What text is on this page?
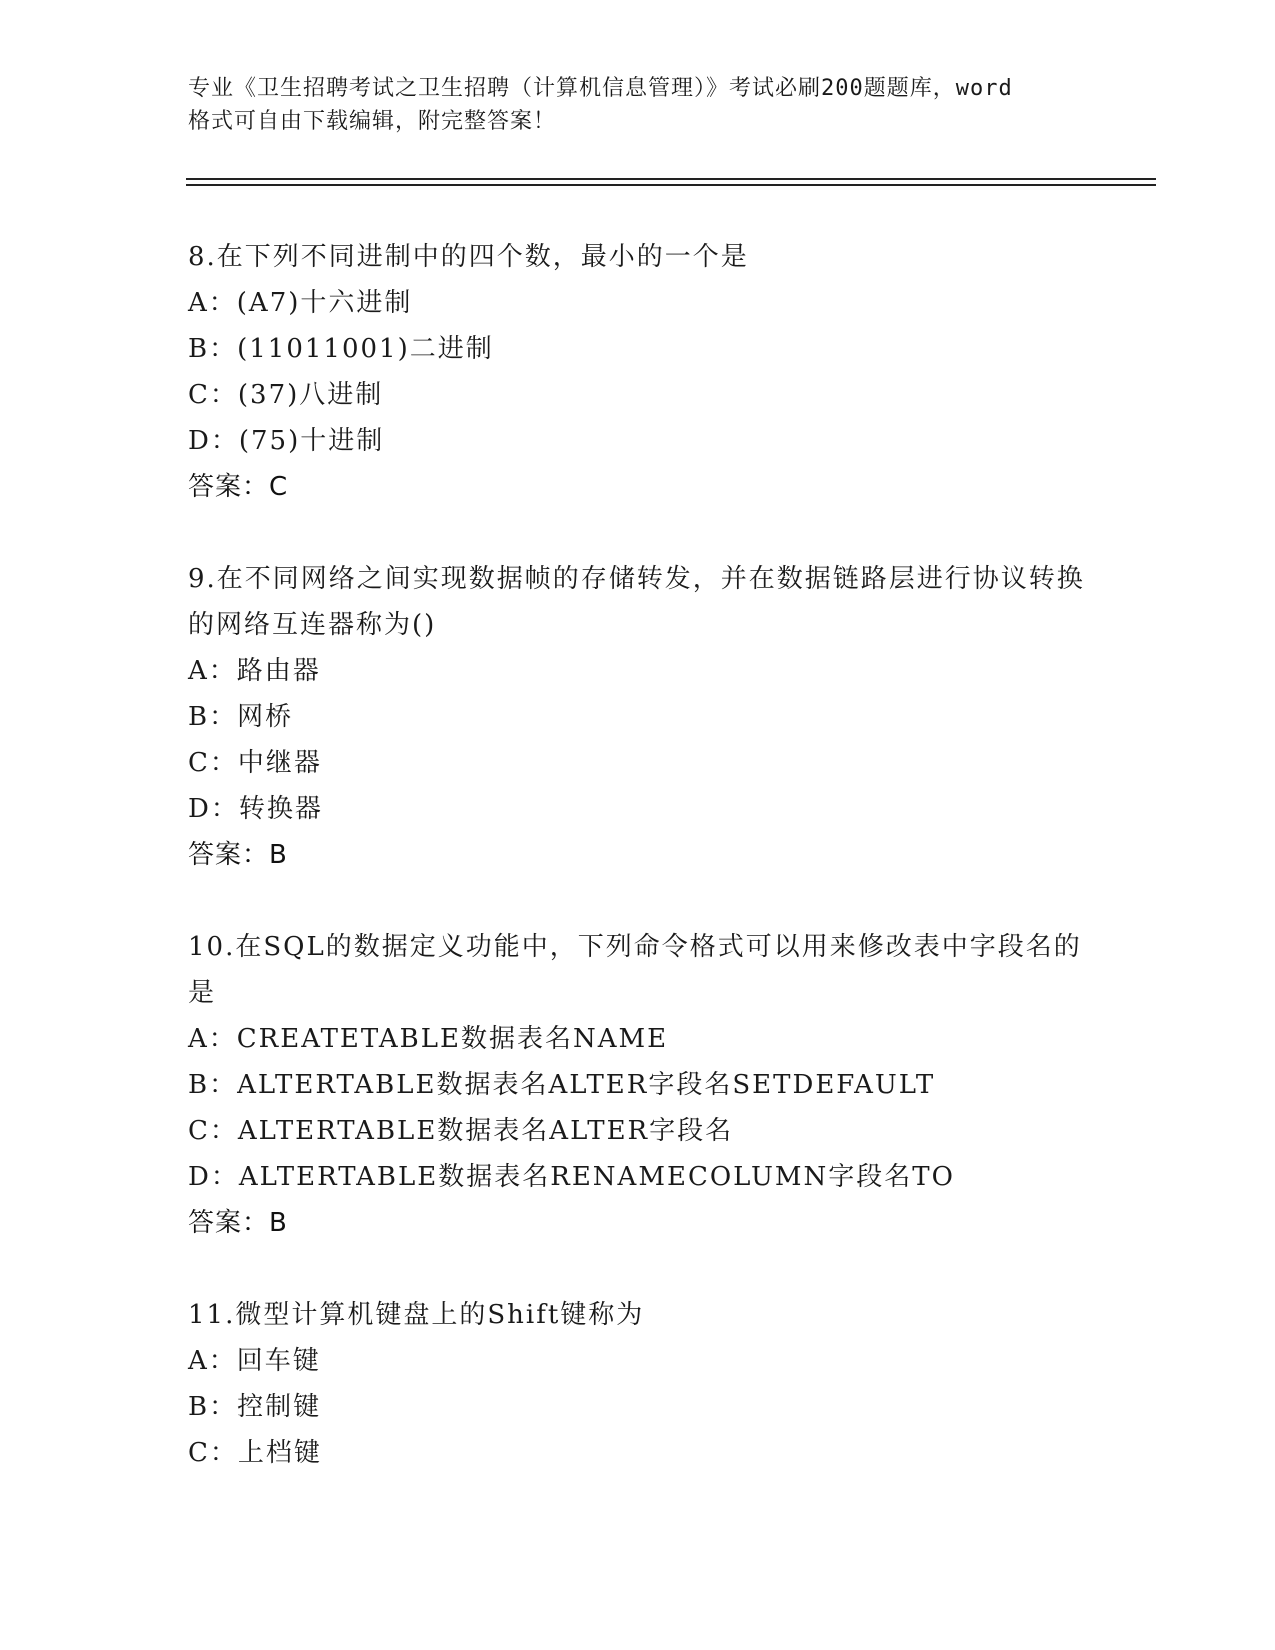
专业《卫生招聘考试之卫生招聘（计算机信息管理）》考试必刷200题题库，word
格式可自由下载编辑，附完整答案！
8.在下列不同进制中的四个数，最小的一个是
A：(A7)十六进制
B：(11011001)二进制
C：(37)八进制
D：(75)十进制
答案：C
9.在不同网络之间实现数据帧的存储转发，并在数据链路层进行协议转换的网络互连器称为()
A：路由器
B：网桥
C：中继器
D：转换器
答案：B
10.在SQL的数据定义功能中，下列命令格式可以用来修改表中字段名的是
A：CREATETABLE数据表名NAME
B：ALTERTABLE数据表名ALTER字段名SETDEFAULT
C：ALTERTABLE数据表名ALTER字段名
D：ALTERTABLE数据表名RENAMECOLUMN字段名TO
答案：B
11.微型计算机键盘上的Shift键称为
A：回车键
B：控制键
C：上档键
